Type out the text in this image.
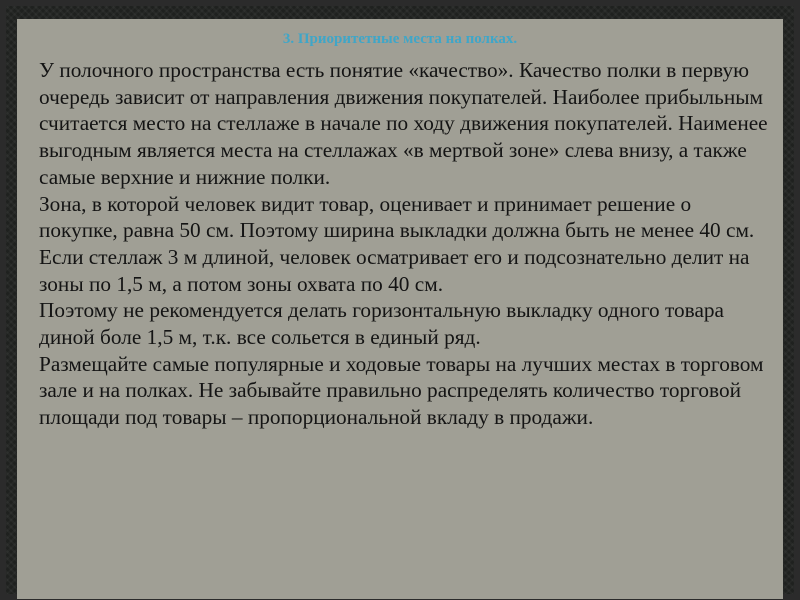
3. Приоритетные места на полках.

У полочного пространства есть понятие «качество». Качество полки в первую очередь зависит от направления движения покупателей. Наиболее прибыльным считается место на стеллаже в начале по ходу движения покупателей. Наименее выгодным является места на стеллажах «в мертвой зоне» слева внизу, а также самые верхние и нижние полки.

Зона, в которой человек видит товар, оценивает и принимает решение о покупке, равна 50 см. Поэтому ширина выкладки должна быть не менее 40 см.

Если стеллаж 3 м длиной, человек осматривает его и подсознательно делит на зоны по 1,5 м, а потом зоны охвата по 40 см.

Поэтому не рекомендуется делать горизонтальную выкладку одного товара диной боле 1,5 м, т.к. все сольется в единый ряд.

Размещайте самые популярные и ходовые товары на лучших местах в торговом зале и на полках. Не забывайте правильно распределять количество торговой площади под товары – пропорциональной вкладу в продажи.
